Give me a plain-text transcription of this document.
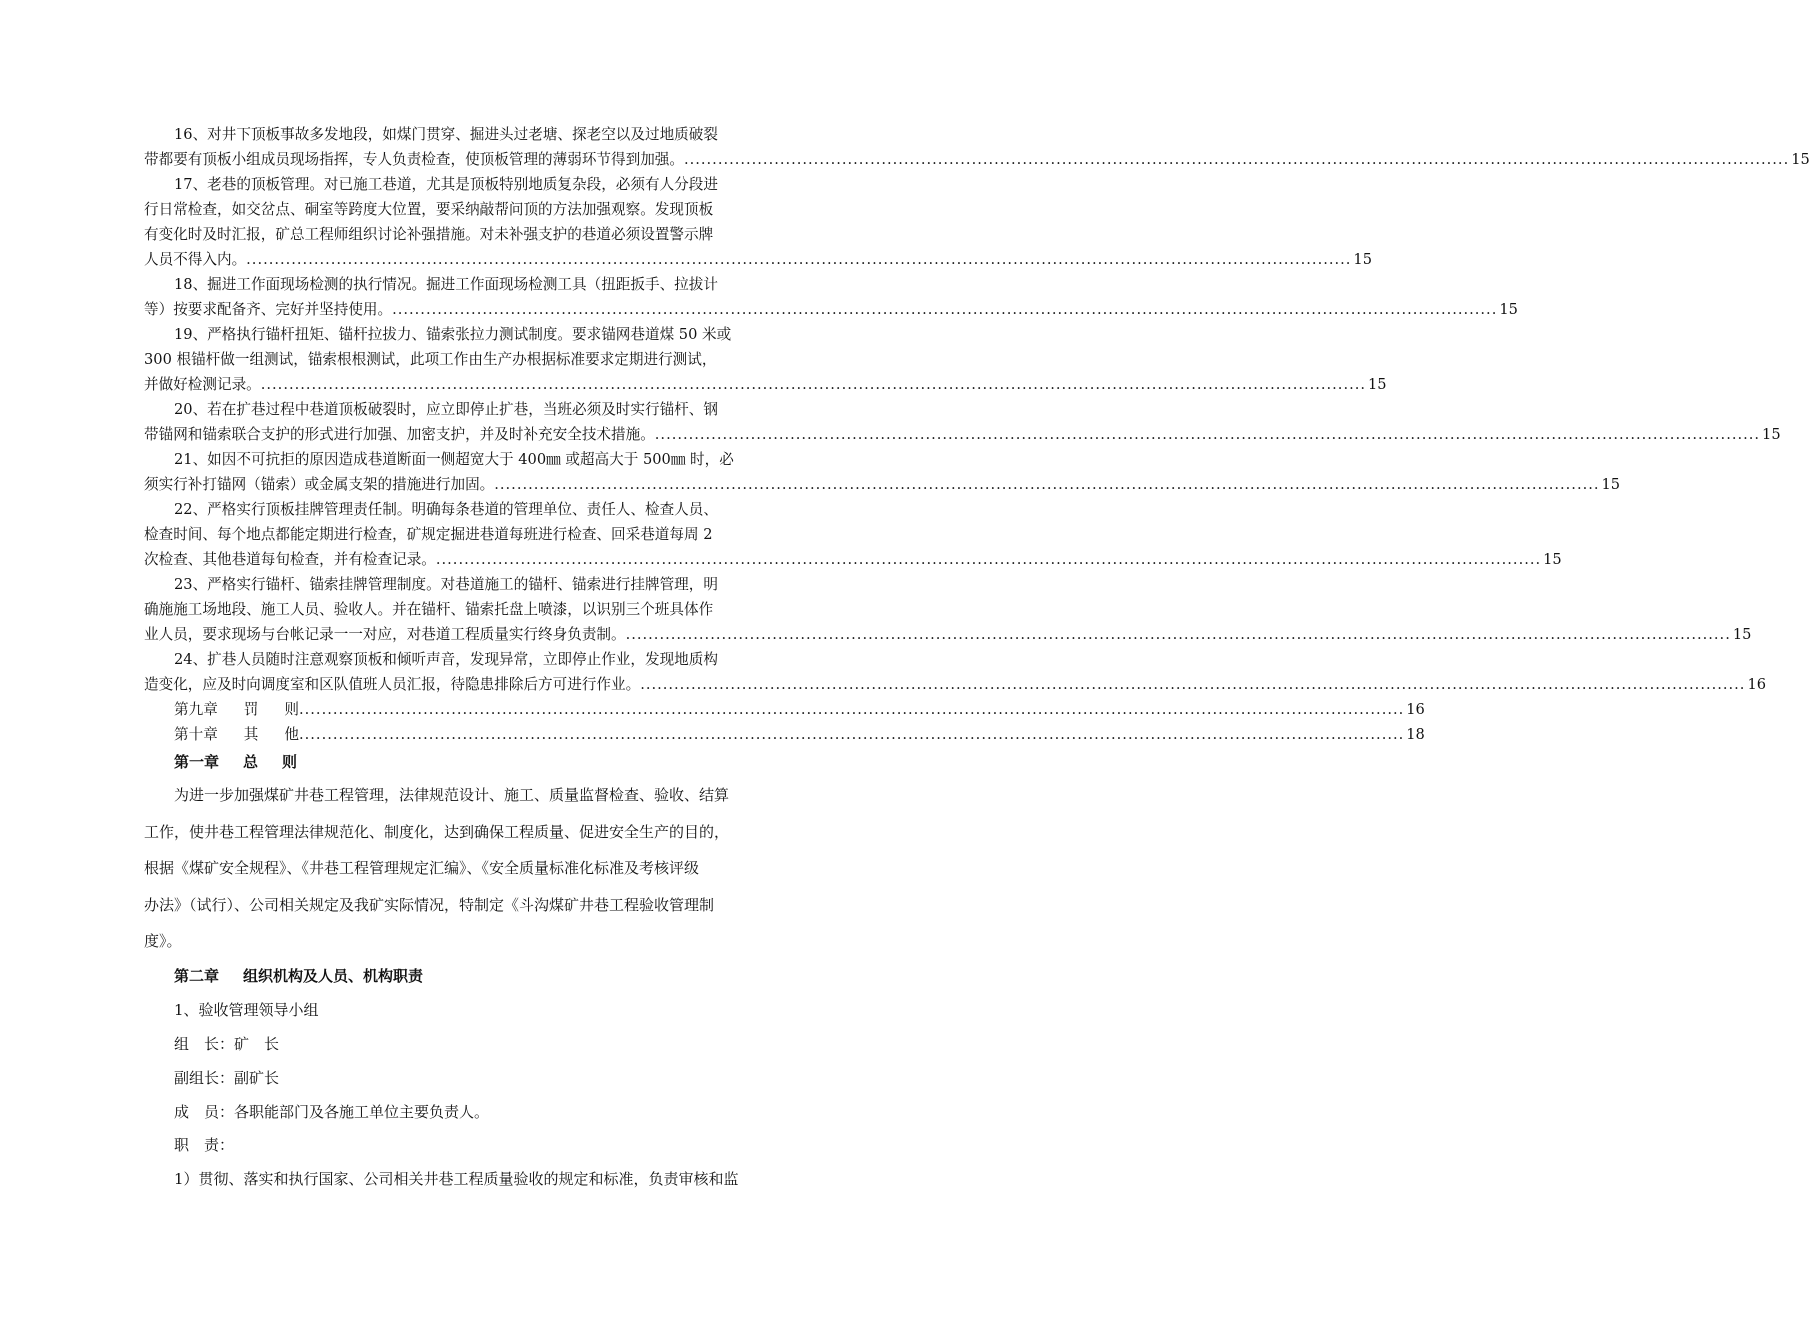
16、对井下顶板事故多发地段，如煤门贯穿、掘进头过老塘、探老空以及过地质破裂
带都要有顶板小组成员现场指挥，专人负责检查，使顶板管理的薄弱环节得到加强。 .....	15
17、老巷的顶板管理。对已施工巷道，尤其是顶板特别地质复杂段，必须有人分段进
行日常检查，如交岔点、硐室等跨度大位置，要采纳敲帮问顶的方法加强观察。发现顶板
有变化时及时汇报，矿总工程师组织讨论补强措施。对未补强支护的巷道必须设置警示牌
人员不得入内。 .....	15
18、掘进工作面现场检测的执行情况。掘进工作面现场检测工具（扭距扳手、拉拔计
等）按要求配备齐、完好并坚持使用。 .....	15
19、严格执行锚杆扭矩、锚杆拉拔力、锚索张拉力测试制度。要求锚网巷道煤 50 米或
300 根锚杆做一组测试，锚索根根测试，此项工作由生产办根据标准要求定期进行测试，
并做好检测记录。 .....	15
20、若在扩巷过程中巷道顶板破裂时，应立即停止扩巷，当班必须及时实行锚杆、钢
带锚网和锚索联合支护的形式进行加强、加密支护，并及时补充安全技术措施。 .....	15
21、如因不可抗拒的原因造成巷道断面一侧超宽大于 400㎜ 或超高大于 500㎜ 时，必
须实行补打锚网（锚索）或金属支架的措施进行加固。 .....	15
22、严格实行顶板挂牌管理责任制。明确每条巷道的管理单位、责任人、检查人员、
检查时间、每个地点都能定期进行检查，矿规定掘进巷道每班进行检查、回采巷道每周 2
次检查、其他巷道每旬检查，并有检查记录。 .....	15
23、严格实行锚杆、锚索挂牌管理制度。对巷道施工的锚杆、锚索进行挂牌管理，明
确施施工场地段、施工人员、验收人。并在锚杆、锚索托盘上喷漆，以识别三个班具体作
业人员，要求现场与台帐记录一一对应，对巷道工程质量实行终身负责制。 .....	15
24、扩巷人员随时注意观察顶板和倾听声音，发现异常，立即停止作业，发现地质构
造变化，应及时向调度室和区队值班人员汇报，待隐患排除后方可进行作业。 .....	16
第九章 罚 则 .....	16
第十章 其 他 .....	18
第一章 总 则
为进一步加强煤矿井巷工程管理，法律规范设计、施工、质量监督检查、验收、结算
工作，使井巷工程管理法律规范化、制度化，达到确保工程质量、促进安全生产的目的，
根据《煤矿安全规程》、《井巷工程管理规定汇编》、《安全质量标准化标准及考核评级
办法》（试行）、公司相关规定及我矿实际情况，特制定《斗沟煤矿井巷工程验收管理制
度》。
第二章 组织机构及人员、机构职责
1、验收管理领导小组
组　长：矿　长
副组长：副矿长
成　员：各职能部门及各施工单位主要负责人。
职　责：
1）贯彻、落实和执行国家、公司相关井巷工程质量验收的规定和标准，负责审核和监
